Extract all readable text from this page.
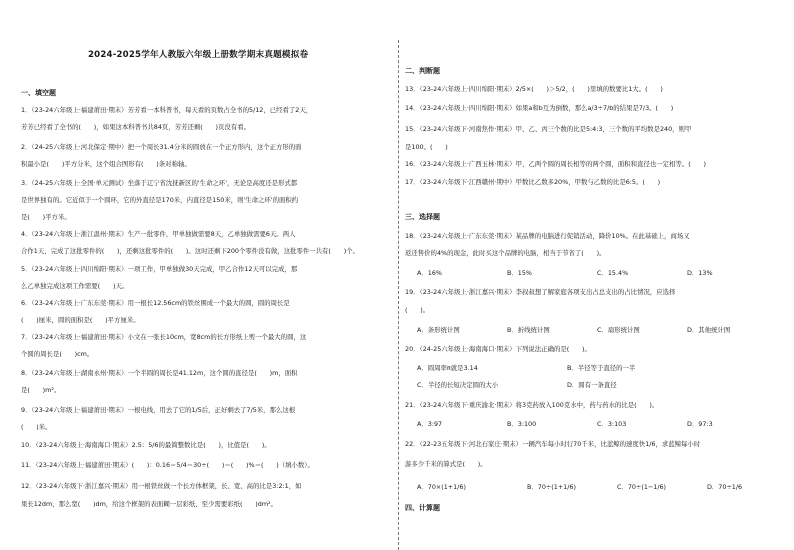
2024-2025学年人教版六年级上册数学期末真题模拟卷
一、填空题
1．（23-24六年级上·福建莆田·期末）芳芳看一本科普书，每天看的页数占全书的5/12，已经看了2天，
芳芳已经看了全书的(　　)，如果这本科普书共84页，芳芳还剩(　　)页没有看。
2．（24-25六年级上·河北保定·期中）把一个周长31.4分米的圆放在一个正方形内，这个正方形的面
积最小是(　　)平方分米，这个组合图形有(　　)条对称轴。
3．（24-25六年级上·全国·单元测试）坐落于辽宁省沈抚新区的'生命之环'，无论是高度还是形式都
是世界独有的。它近似于一个圆环，它的外直径是170米，内直径是150米，则'生命之环'的面积约
是(　　)平方米。
4．（23-24六年级上·浙江温州·期末）生产一批零件，甲单独做需要8天，乙单独做需要6天。两人
合作1天，完成了这批零件的(　　)，还剩这批零件的(　　)。这时还剩下200个零件没有做，这批零件一共有(　　)个。
5．（23-24六年级上·四川绵阳·期末）一项工作，甲单独做30天完成，甲乙合作12天可以完成，那
么乙单独完成这项工作需要(　　)天。
6．（23-24六年级上·广东东莞·期末）用一根长12.56cm的铁丝围成一个最大的圆，圆的周长是
(　　)厘米，圆的面积是(　　)平方厘米。
7．（23-24六年级上·福建莆田·期末）小文在一张长10cm，宽8cm的长方形纸上剪一个最大的圆，这
个圆的周长是(　　)cm。
8．（23-24六年级上·湖南永州·期末）一个半圆的周长是41.12m，这个圆的直径是(　　)m，面积
是(　　)m²。
9．（23-24六年级上·福建莆田·期末）一根电线，用去了它的1/5后，正好剩去了7/5米，那么这根
(　　)米。
10．（23-24六年级上·海南海口·期末）2.5：5/6的最简整数比是(　　)，比值是(　　)。
11．（23-24六年级上·福建莆田·期末）(　　)：0.16＝5/4＝30÷(　　)＝(　　)%＝(　　)（填小数）。
12．（23-24六年级下·浙江嘉兴·期末）用一根铁丝做一个长方体框架，长、宽、高的比是3:2:1，如
果长12dm，那么宽(　　)dm，给这个框架的表面糊一层彩纸，至少需要彩纸(　　)dm²。
二、判断题
13．（23-24六年级上·四川绵阳·期末）2/5×(　　)＞5/2，(　　)里填的数要比1大。(　　)
14．（23-24六年级上·四川绵阳·期末）如果a和b互为倒数，那么a/3÷7/b的结果是7/3。(　　)
15．（23-24六年级下·河南焦作·期末）甲、乙、丙三个数的比是5:4:3，三个数的平均数是240，则甲
是100。(　　)
16．（23-24六年级上·广西玉林·期末）甲、乙两个圆的周长相等的两个圆，面积和直径也一定相等。(　　)
17．（23-24六年级下·江西赣州·期中）甲数比乙数多20%，甲数与乙数的比是6:5。(　　)
三、选择题
18．（23-24六年级上·广东东莞·期末）某品牌的电脑进行促销活动，降价10%。在此基础上，商场又
返还售价的4%的现金，此时买这个品牌的电脑，相当于节省了(　　)。
A．16%	B．15%	C．15.4%	D．13%
19．（23-24六年级上·浙江嘉兴·期末）李叔叔想了解家庭各项支出占总支出的占比情况，应选择
(　　)。
A．条形统计图	B．折线统计图	C．扇形统计图	D．其他统计图
20．（24-25六年级上·海南海口·期末）下列说法正确的是(　　)。
A．圆周率π就是3.14	B．半径等于直径的一半
C．半径的长短决定圆的大小	D．圆有一条直径
21．（23-24六年级下·重庆渝北·期末）将3克药放入100克水中，药与药水的比是(　　)。
A．3:97	B．3:100	C．3:103	D．97:3
22．（22-23五年级下·河北石家庄·期末）一辆汽车每小时行70千米，比蓝鲸的速度快1/6，求蓝鲸每小时
游多少千米的算式是(　　)。
A．70×(1+1/6)	B．70÷(1+1/6)	C．70÷(1−1/6)	D．70÷1/6
四、计算题
